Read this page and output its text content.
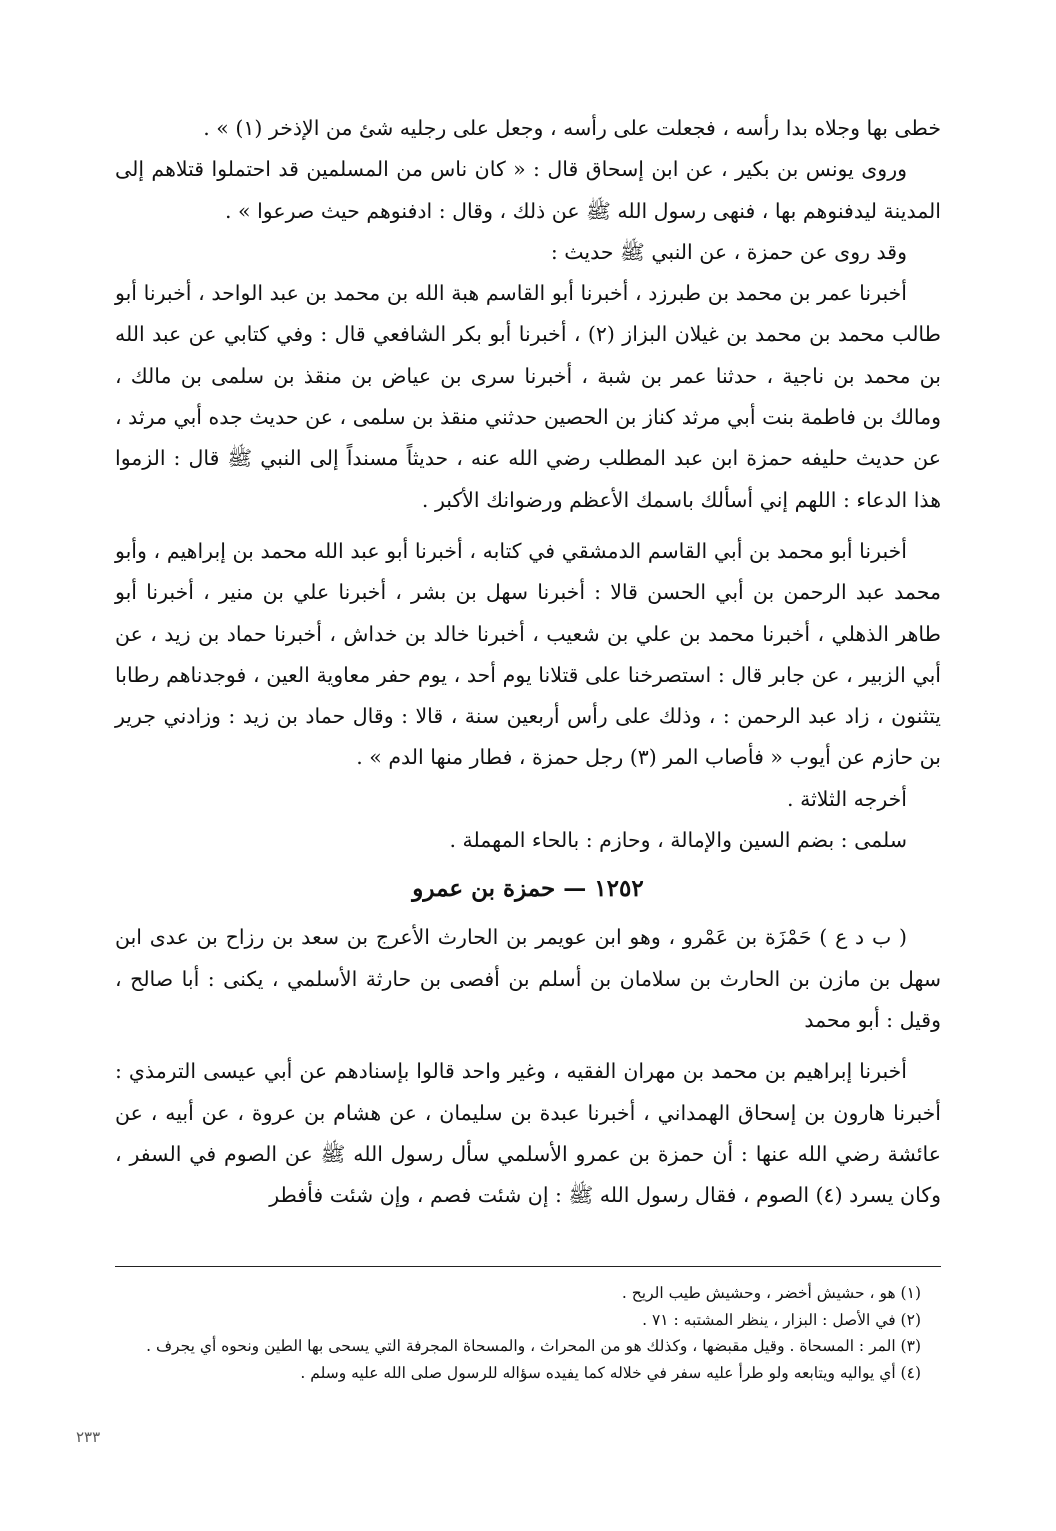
خطى بها وجلاه بدا رأسه ، فجعلت على رأسه ، وجعل على رجليه شئ من الإذخر (١) » .

وروى يونس بن بكير ، عن ابن إسحاق قال : « كان ناس من المسلمين قد احتملوا قتلاهم إلى المدينة ليدفنوهم بها ، فنهى رسول الله ﷺ عن ذلك ، وقال : ادفنوهم حيث صرعوا » .

وقد روى عن حمزة ، عن النبي ﷺ حديث :

أخبرنا عمر بن محمد بن طبرزد ، أخبرنا أبو القاسم هبة الله بن محمد بن عبد الواحد ، أخبرنا أبو طالب محمد بن محمد بن غيلان البزاز (٢) ، أخبرنا أبو بكر الشافعي قال : وفي كتابي عن عبد الله بن محمد بن ناجية ، حدثنا عمر بن شبة ، أخبرنا سرى بن عياض بن منقذ بن سلمى بن مالك ، ومالك بن فاطمة بنت أبي مرثد كناز بن الحصين حدثني منقذ بن سلمى ، عن حديث جده أبي مرثد ، عن حديث حليفه حمزة ابن عبد المطلب رضي الله عنه ، حديثاً مسنداً إلى النبي ﷺ قال : الزموا هذا الدعاء : اللهم إني أسألك باسمك الأعظم ورضوانك الأكبر .

أخبرنا أبو محمد بن أبي القاسم الدمشقي في كتابه ، أخبرنا أبو عبد الله محمد بن إبراهيم ، وأبو محمد عبد الرحمن بن أبي الحسن قالا : أخبرنا سهل بن بشر ، أخبرنا علي بن منير ، أخبرنا أبو طاهر الذهلي ، أخبرنا محمد بن علي بن شعيب ، أخبرنا خالد بن خداش ، أخبرنا حماد بن زيد ، عن أبي الزبير ، عن جابر قال : استصرخنا على قتلانا يوم أحد ، يوم حفر معاوية العين ، فوجدناهم رطابا يتثنون ، زاد عبد الرحمن : ، وذلك على رأس أربعين سنة ، قالا : وقال حماد بن زيد : وزادني جرير بن حازم عن أيوب « فأصاب المر (٣) رجل حمزة ، فطار منها الدم » .

أخرجه الثلاثة .

سلمى : بضم السين والإمالة ، وحازم : بالحاء المهملة .

١٢٥٢ — حمزة بن عمرو

( ب د ع ) حَمْزَة بن عَمْرو ، وهو ابن عويمر بن الحارث الأعرج بن سعد بن رزاح بن عدى ابن سهل بن مازن بن الحارث بن سلامان بن أسلم بن أفصى بن حارثة الأسلمي ، يكنى : أبا صالح ، وقيل : أبو محمد

أخبرنا إبراهيم بن محمد بن مهران الفقيه ، وغير واحد قالوا بإسنادهم عن أبي عيسى الترمذي : أخبرنا هارون بن إسحاق الهمداني ، أخبرنا عبدة بن سليمان ، عن هشام بن عروة ، عن أبيه ، عن عائشة رضي الله عنها : أن حمزة بن عمرو الأسلمي سأل رسول الله ﷺ عن الصوم في السفر ، وكان يسرد (٤) الصوم ، فقال رسول الله ﷺ : إن شئت فصم ، وإن شئت فأفطر

(١) هو ، حشيش أخضر ، وحشيش طيب الريح .
(٢) في الأصل : البزار ، ينظر المشتبه : ٧١ .
(٣) المر : المسحاة . وقيل مقبضها ، وكذلك هو من المحراث ، والمسحاة المجرفة التي يسحى بها الطين ونحوه أي يجرف .
(٤) أي يواليه ويتابعه ولو طرأ عليه سفر في خلاله كما يفيده سؤاله للرسول صلى الله عليه وسلم .
٢٣٣
